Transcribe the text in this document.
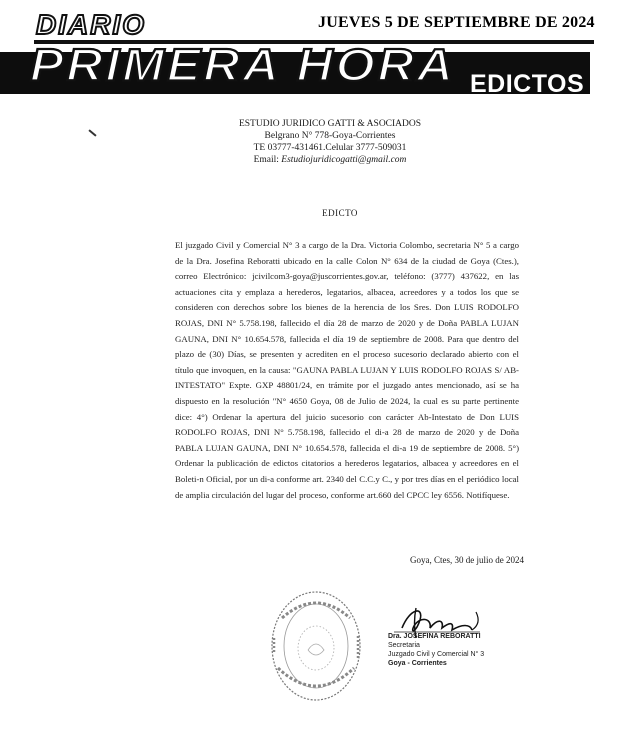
DIARIO	JUEVES 5 DE SEPTIEMBRE DE 2024
PRIMERA HORA EDICTOS
ESTUDIO JURIDICO GATTI & ASOCIADOS
Belgrano N° 778-Goya-Corrientes
TE 03777-431461.Celular 3777-509031
Email: Estudiojuridicogatti@gmail.com
EDICTO

El juzgado Civil y Comercial N° 3 a cargo de la Dra. Victoria Colombo, secretaria N° 5 a cargo de la Dra. Josefina Reboratti ubicado en la calle Colon N° 634 de la ciudad de Goya (Ctes.), correo Electrónico: jcivilcom3-goya@juscorrientes.gov.ar, teléfono: (3777) 437622, en las actuaciones cita y emplaza a herederos, legatarios, albacea, acreedores y a todos los que se consideren con derechos sobre los bienes de la herencia de los Sres. Don LUIS RODOLFO ROJAS, DNI N° 5.758.198, fallecido el día 28 de marzo de 2020 y de Doña PABLA LUJAN GAUNA, DNI N° 10.654.578, fallecida el día 19 de septiembre de 2008. Para que dentro del plazo de (30) Días, se presenten y acrediten en el proceso sucesorio declarado abierto con el título que invoquen, en la causa: "GAUNA PABLA LUJAN Y LUIS RODOLFO ROJAS S/ AB-INTESTATO" Expte. GXP 48801/24, en trámite por el juzgado antes mencionado, así se ha dispuesto en la resolución "N° 4650 Goya, 08 de Julio de 2024, la cual es su parte pertinente dice: 4°) Ordenar la apertura del juicio sucesorio con carácter Ab-Intestato de Don LUIS RODOLFO ROJAS, DNI N° 5.758.198, fallecido el di-a 28 de marzo de 2020 y de Doña PABLA LUJAN GAUNA, DNI N° 10.654.578, fallecida el di-a 19 de septiembre de 2008. 5°) Ordenar la publicación de edictos citatorios a herederos legatarios, albacea y acreedores en el Boleti-n Oficial, por un di-a conforme art. 2340 del C.C.y C., y por tres días en el periódico local de amplia circulación del lugar del proceso, conforme art.660 del CPCC ley 6556. Notifíquese.

Goya, Ctes, 30 de julio de 2024
Dra. JOSEFINA REBORATTI
Secretaria
Juzgado Civil y Comercial N° 3
Goya - Corrientes
